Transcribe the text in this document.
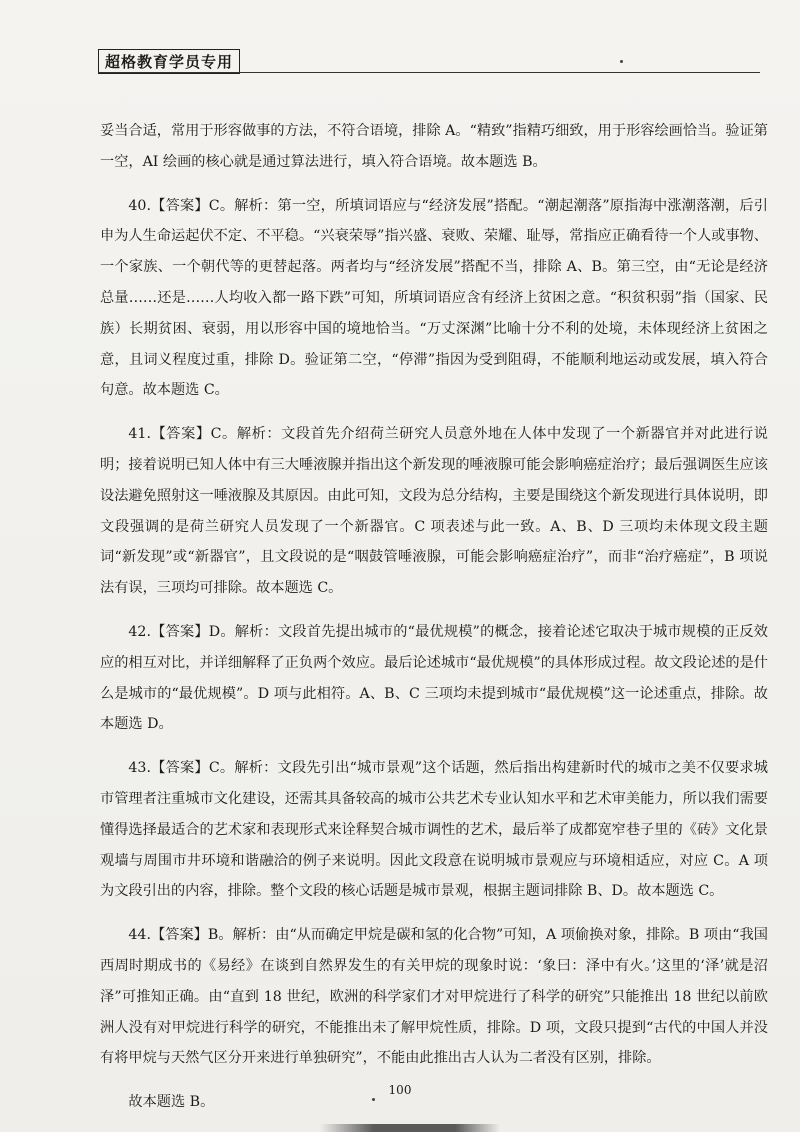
超格教育学员专用

妥当合适，常用于形容做事的方法，不符合语境，排除 A。“精致”指精巧细致，用于形容绘画恰当。验证第一空，AI 绘画的核心就是通过算法进行，填入符合语境。故本题选 B。

40.【答案】C。解析：第一空，所填词语应与“经济发展”搭配。“潮起潮落”原指海中涨潮落潮，后引申为人生命运起伏不定、不平稳。“兴衰荣辱”指兴盛、衰败、荣耀、耻辱，常指应正确看待一个人或事物、一个家族、一个朝代等的更替起落。两者均与“经济发展”搭配不当，排除 A、B。第三空，由“无论是经济总量……还是……人均收入都一路下跌”可知，所填词语应含有经济上贫困之意。“积贫积弱”指（国家、民族）长期贫困、衰弱，用以形容中国的境地恰当。“万丈深渊”比喻十分不利的处境，未体现经济上贫困之意，且词义程度过重，排除 D。验证第二空，“停滞”指因为受到阻碍，不能顺利地运动或发展，填入符合句意。故本题选 C。

41.【答案】C。解析：文段首先介绍荷兰研究人员意外地在人体中发现了一个新器官并对此进行说明；接着说明已知人体中有三大唾液腺并指出这个新发现的唾液腺可能会影响癌症治疗；最后强调医生应该设法避免照射这一唾液腺及其原因。由此可知，文段为总分结构，主要是围绕这个新发现进行具体说明，即文段强调的是荷兰研究人员发现了一个新器官。C 项表述与此一致。A、B、D 三项均未体现文段主题词“新发现”或“新器官”，且文段说的是“咽鼓管唾液腺，可能会影响癌症治疗”，而非“治疗癌症”，B 项说法有误，三项均可排除。故本题选 C。

42.【答案】D。解析：文段首先提出城市的“最优规模”的概念，接着论述它取决于城市规模的正反效应的相互对比，并详细解释了正负两个效应。最后论述城市“最优规模”的具体形成过程。故文段论述的是什么是城市的“最优规模”。D 项与此相符。A、B、C 三项均未提到城市“最优规模”这一论述重点，排除。故本题选 D。

43.【答案】C。解析：文段先引出“城市景观”这个话题，然后指出构建新时代的城市之美不仅要求城市管理者注重城市文化建设，还需其具备较高的城市公共艺术专业认知水平和艺术审美能力，所以我们需要懂得选择最适合的艺术家和表现形式来诠释契合城市调性的艺术，最后举了成都宽窄巷子里的《砖》文化景观墙与周围市井环境和谐融洽的例子来说明。因此文段意在说明城市景观应与环境相适应，对应 C。A 项为文段引出的内容，排除。整个文段的核心话题是城市景观，根据主题词排除 B、D。故本题选 C。

44.【答案】B。解析：由“从而确定甲烷是碳和氢的化合物”可知，A 项偷换对象，排除。B 项由“我国西周时期成书的《易经》在谈到自然界发生的有关甲烷的现象时说：‘象曰：泽中有火。’这里的‘泽’就是沼泽”可推知正确。由“直到 18 世纪，欧洲的科学家们才对甲烷进行了科学的研究”只能推出 18 世纪以前欧洲人没有对甲烷进行科学的研究，不能推出未了解甲烷性质，排除。D 项，文段只提到“古代的中国人并没有将甲烷与天然气区分开来进行单独研究”，不能由此推出古人认为二者没有区别，排除。

故本题选 B。

100
